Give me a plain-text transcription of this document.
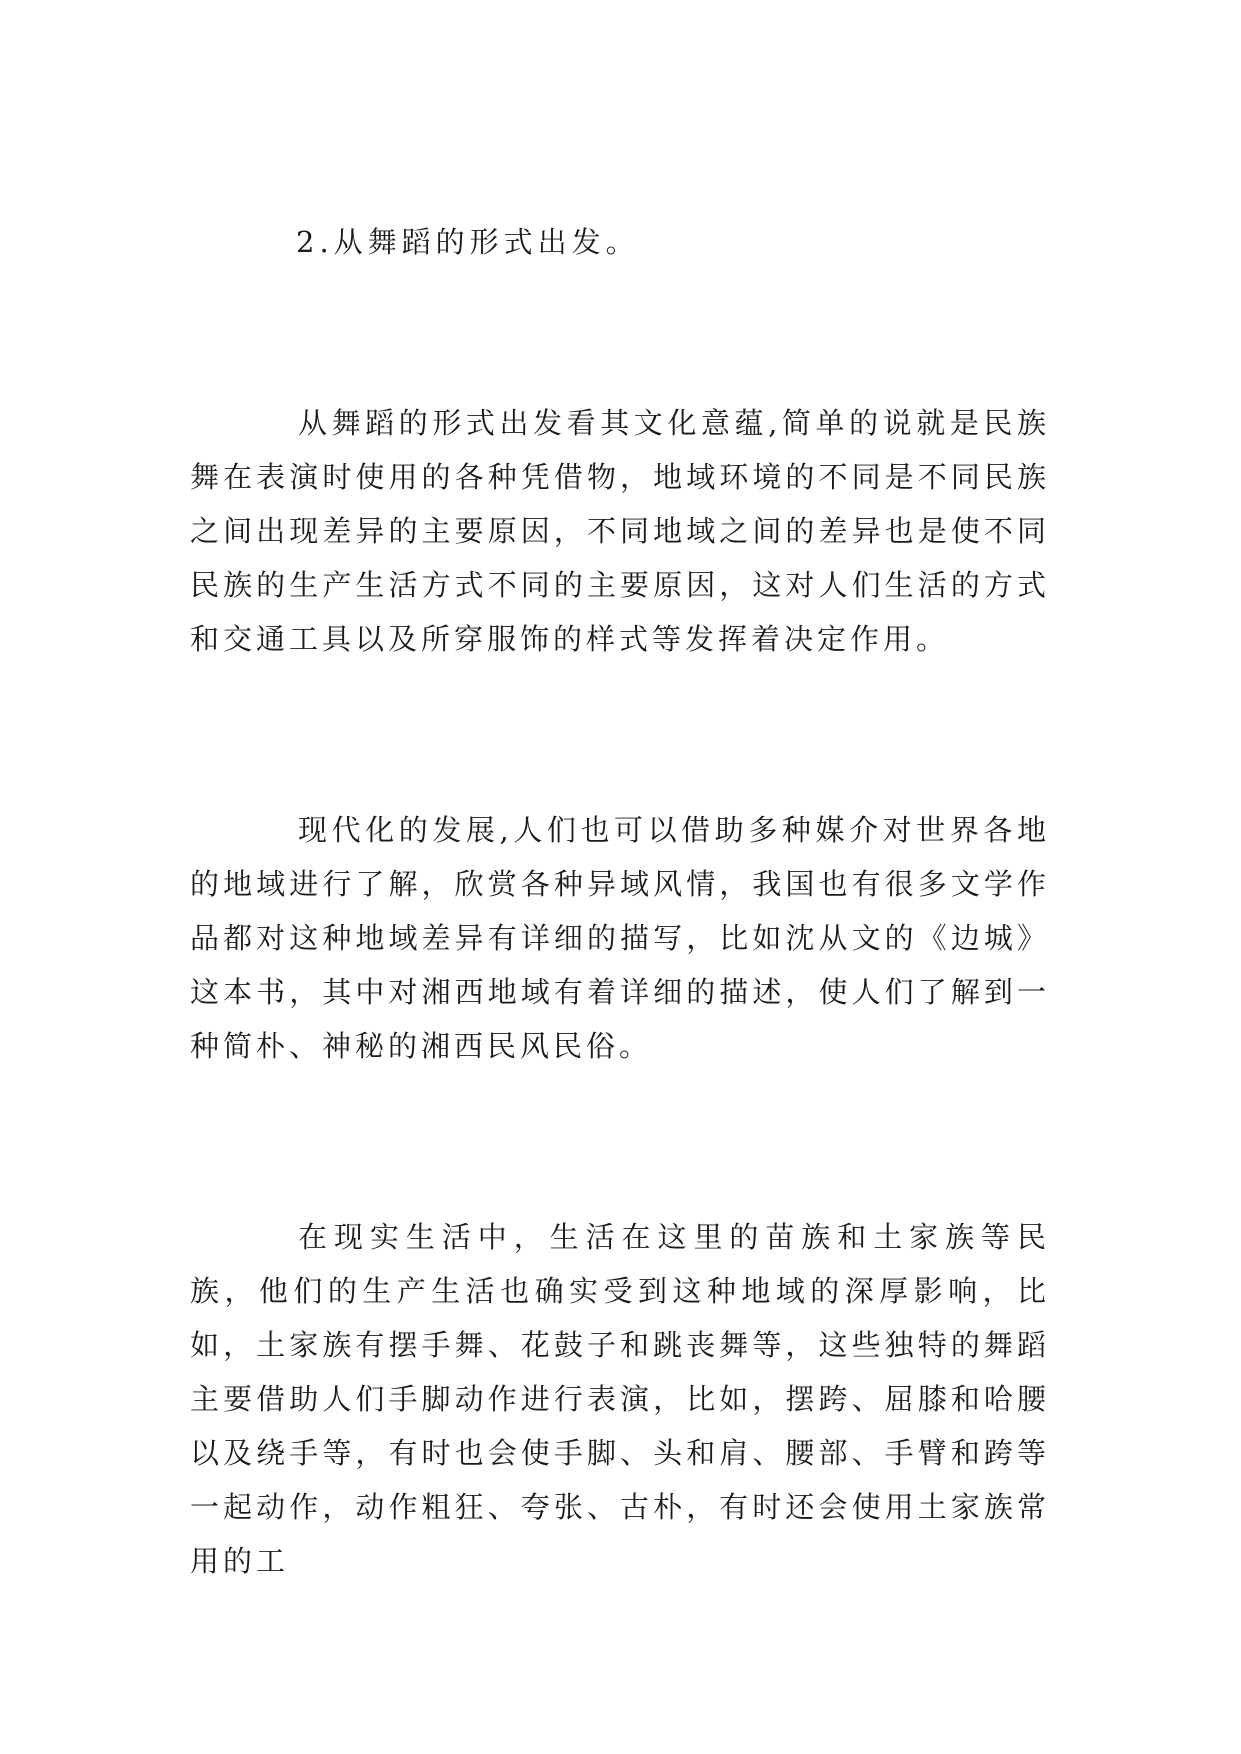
2.从舞蹈的形式出发。

从舞蹈的形式出发看其文化意蕴,简单的说就是民族舞在表演时使用的各种凭借物，地域环境的不同是不同民族之间出现差异的主要原因，不同地域之间的差异也是使不同民族的生产生活方式不同的主要原因，这对人们生活的方式和交通工具以及所穿服饰的样式等发挥着决定作用。

现代化的发展,人们也可以借助多种媒介对世界各地的地域进行了解，欣赏各种异域风情，我国也有很多文学作品都对这种地域差异有详细的描写，比如沈从文的《边城》这本书，其中对湘西地域有着详细的描述，使人们了解到一种简朴、神秘的湘西民风民俗。

在现实生活中，生活在这里的苗族和土家族等民族，他们的生产生活也确实受到这种地域的深厚影响，比如，土家族有摆手舞、花鼓子和跳丧舞等，这些独特的舞蹈主要借助人们手脚动作进行表演，比如，摆跨、屈膝和哈腰以及绕手等，有时也会使手脚、头和肩、腰部、手臂和跨等一起动作，动作粗狂、夸张、古朴，有时还会使用土家族常用的工
